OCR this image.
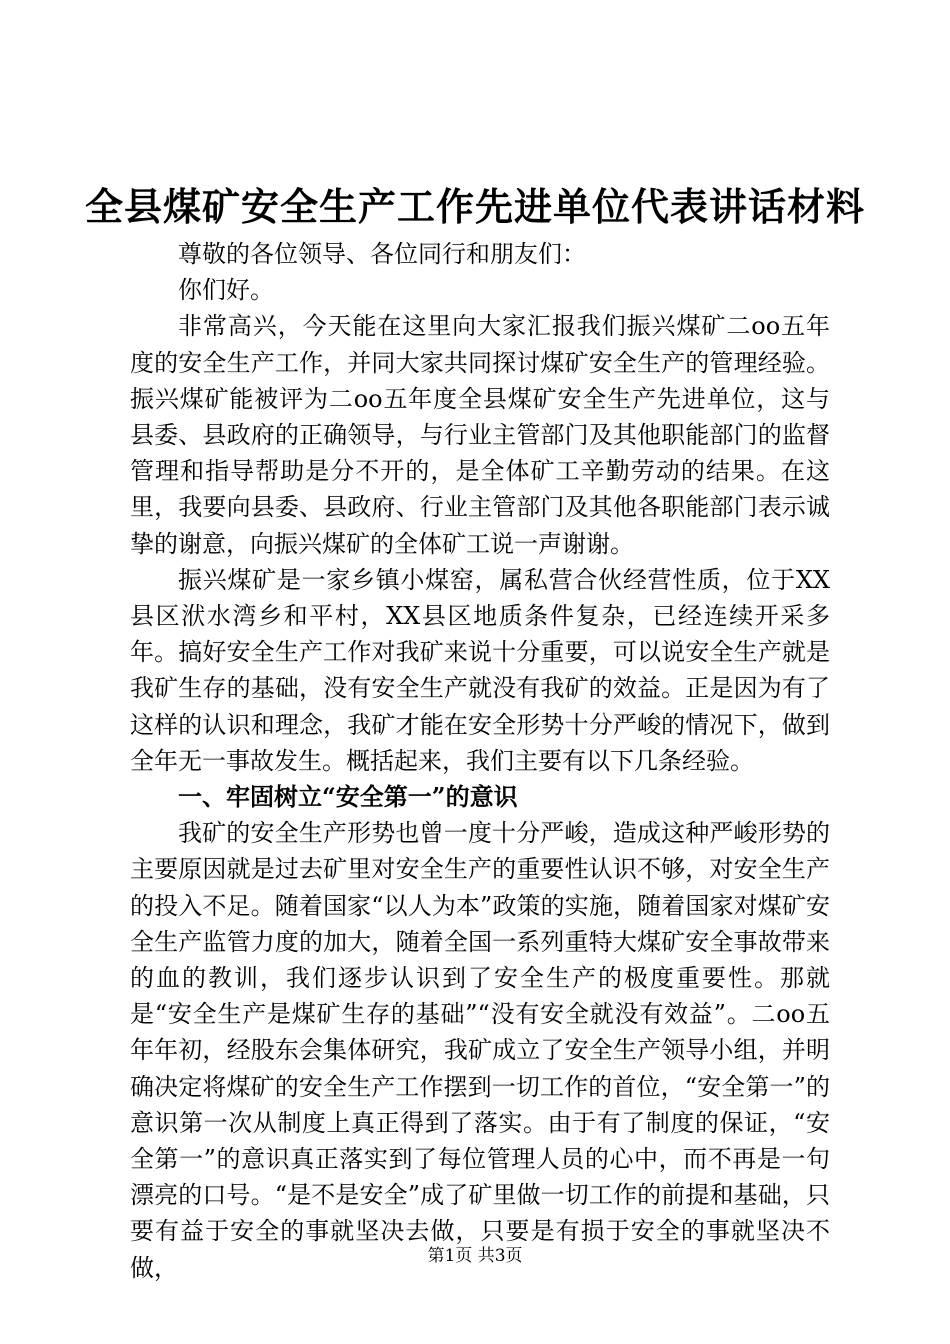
全县煤矿安全生产工作先进单位代表讲话材料

尊敬的各位领导、各位同行和朋友们：

你们好。

非常高兴，今天能在这里向大家汇报我们振兴煤矿二oo五年度的安全生产工作，并同大家共同探讨煤矿安全生产的管理经验。振兴煤矿能被评为二oo五年度全县煤矿安全生产先进单位，这与县委、县政府的正确领导，与行业主管部门及其他职能部门的监督管理和指导帮助是分不开的，是全体矿工辛勤劳动的结果。在这里，我要向县委、县政府、行业主管部门及其他各职能部门表示诚挚的谢意，向振兴煤矿的全体矿工说一声谢谢。

振兴煤矿是一家乡镇小煤窑，属私营合伙经营性质，位于XX县区洑水湾乡和平村，XX县区地质条件复杂，已经连续开采多年。搞好安全生产工作对我矿来说十分重要，可以说安全生产就是我矿生存的基础，没有安全生产就没有我矿的效益。正是因为有了这样的认识和理念，我矿才能在安全形势十分严峻的情况下，做到全年无一事故发生。概括起来，我们主要有以下几条经验。

一、牢固树立“安全第一”的意识

我矿的安全生产形势也曾一度十分严峻，造成这种严峻形势的主要原因就是过去矿里对安全生产的重要性认识不够，对安全生产的投入不足。随着国家“以人为本”政策的实施，随着国家对煤矿安全生产监管力度的加大，随着全国一系列重特大煤矿安全事故带来的血的教训，我们逐步认识到了安全生产的极度重要性。那就是“安全生产是煤矿生存的基础”“没有安全就没有效益”。二oo五年年初，经股东会集体研究，我矿成立了安全生产领导小组，并明确决定将煤矿的安全生产工作摆到一切工作的首位，“安全第一”的意识第一次从制度上真正得到了落实。由于有了制度的保证，“安全第一”的意识真正落实到了每位管理人员的心中，而不再是一句漂亮的口号。“是不是安全”成了矿里做一切工作的前提和基础，只要有益于安全的事就坚决去做，只要是有损于安全的事就坚决不做，	第1页 共3页
